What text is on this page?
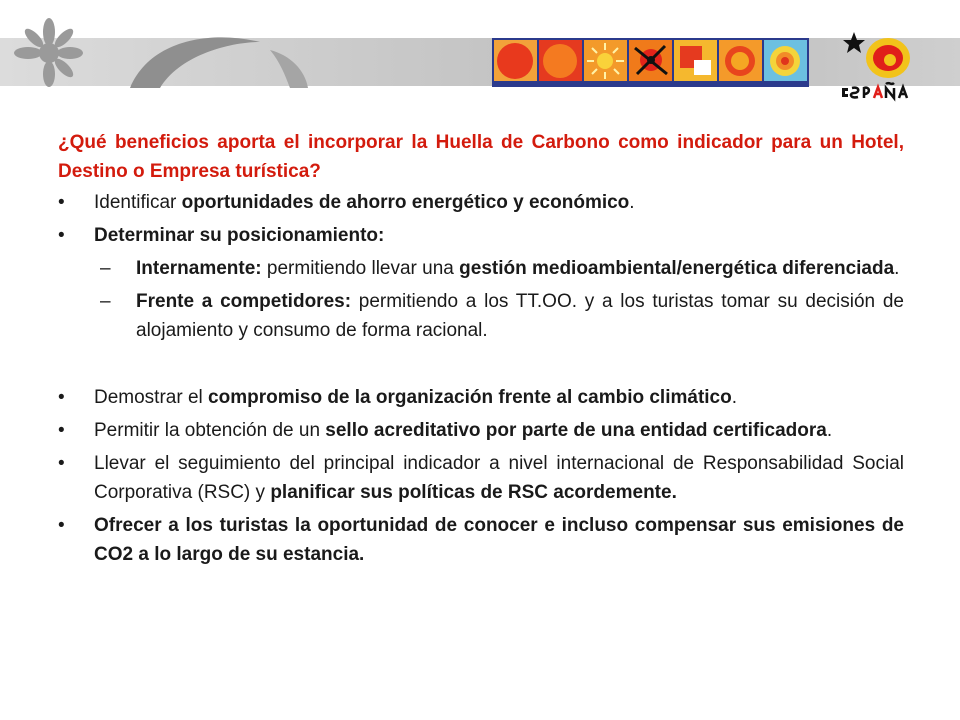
ESPAÑA

¿Qué beneficios aporta el incorporar la Huella de Carbono como indicador para un Hotel, Destino o Empresa turística?

• Identificar oportunidades de ahorro energético y económico.
• Determinar su posicionamiento:
– Internamente: permitiendo llevar una gestión medioambiental/energética diferenciada.
– Frente a competidores: permitiendo a los TT.OO. y a los turistas tomar su decisión de alojamiento y consumo de forma racional.
• Demostrar el compromiso de la organización frente al cambio climático.
• Permitir la obtención de un sello acreditativo por parte de una entidad certificadora.
• Llevar el seguimiento del principal indicador a nivel internacional de Responsabilidad Social Corporativa (RSC) y planificar sus políticas de RSC acordemente.
• Ofrecer a los turistas la oportunidad de conocer e incluso compensar sus emisiones de CO2 a lo largo de su estancia.
